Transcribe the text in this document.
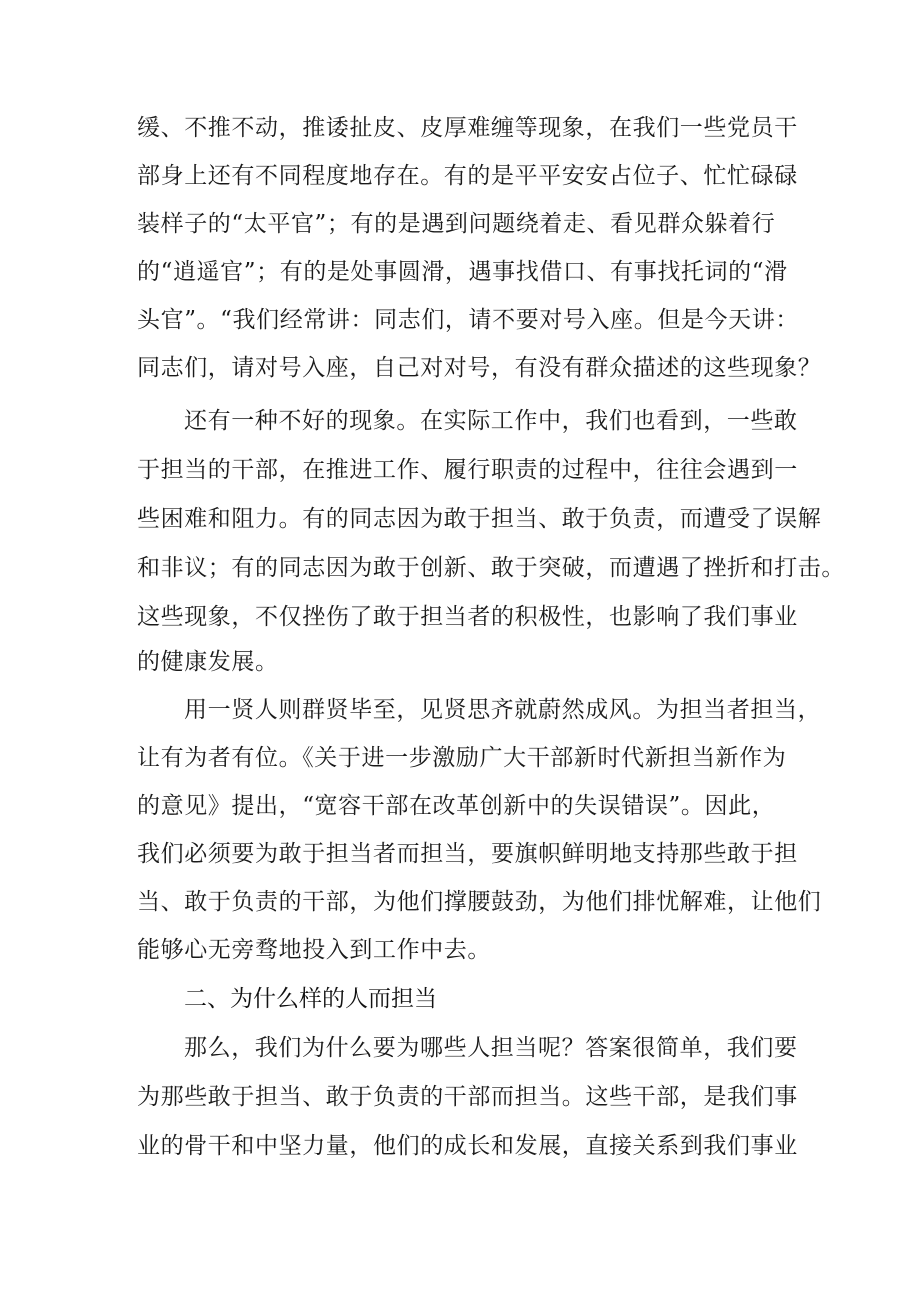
缓、不推不动，推诿扯皮、皮厚难缠等现象，在我们一些党员干
部身上还有不同程度地存在。有的是平平安安占位子、忙忙碌碌
装样子的“太平官”；有的是遇到问题绕着走、看见群众躲着行
的“逍遥官”；有的是处事圆滑，遇事找借口、有事找托词的“滑
头官”。“我们经常讲：同志们，请不要对号入座。但是今天讲：
同志们，请对号入座，自己对对号，有没有群众描述的这些现象？
还有一种不好的现象。在实际工作中，我们也看到，一些敢
于担当的干部，在推进工作、履行职责的过程中，往往会遇到一
些困难和阻力。有的同志因为敢于担当、敢于负责，而遭受了误解
和非议；有的同志因为敢于创新、敢于突破，而遭遇了挫折和打击。
这些现象，不仅挫伤了敢于担当者的积极性，也影响了我们事业
的健康发展。
用一贤人则群贤毕至，见贤思齐就蔚然成风。为担当者担当，
让有为者有位。《关于进一步激励广大干部新时代新担当新作为
的意见》提出，“宽容干部在改革创新中的失误错误”。因此，
我们必须要为敢于担当者而担当，要旗帜鲜明地支持那些敢于担
当、敢于负责的干部，为他们撑腰鼓劲，为他们排忧解难，让他们
能够心无旁骛地投入到工作中去。
二、为什么样的人而担当
那么，我们为什么要为哪些人担当呢？答案很简单，我们要
为那些敢于担当、敢于负责的干部而担当。这些干部，是我们事
业的骨干和中坚力量，他们的成长和发展，直接关系到我们事业
